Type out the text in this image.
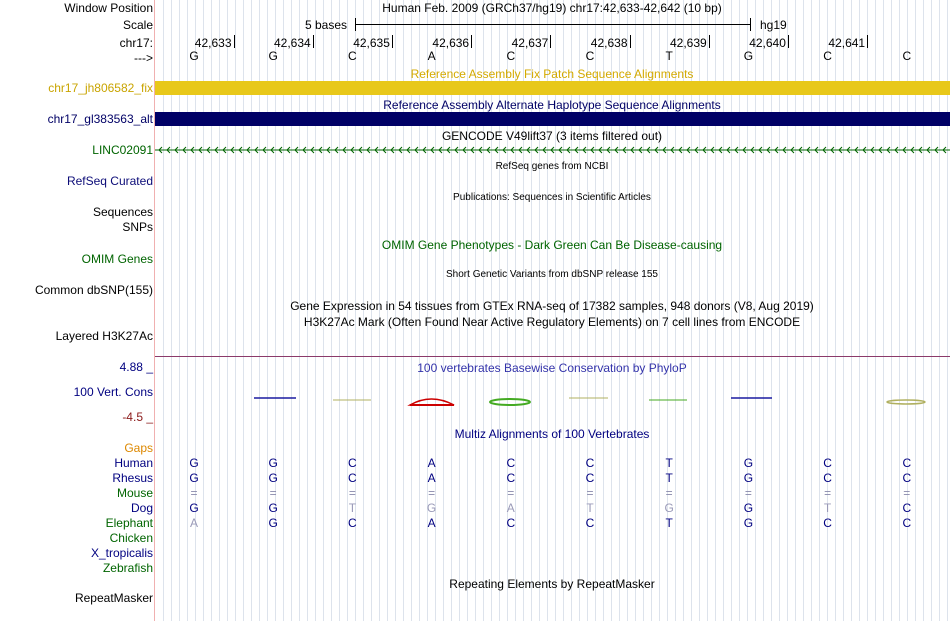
Window Position
Scale
chr17:
--->
Human Feb. 2009 (GRCh37/hg19) chr17:42,633-42,642 (10 bp)
5 bases	hg19
42,633	42,634	42,635	42,636	42,637	42,638	42,639	42,640	42,641
G	G	C	A	C	C	T	G	C	C
Reference Assembly Fix Patch Sequence Alignments
chr17_jh806582_fix
Reference Assembly Alternate Haplotype Sequence Alignments
chr17_gl383563_alt
GENCODE V49lift37 (3 items filtered out)
LINC02091
RefSeq genes from NCBI
RefSeq Curated
Publications: Sequences in Scientific Articles
Sequences
SNPs
OMIM Gene Phenotypes - Dark Green Can Be Disease-causing
OMIM Genes
Short Genetic Variants from dbSNP release 155
Common dbSNP(155)
Gene Expression in 54 tissues from GTEx RNA-seq of 17382 samples, 948 donors (V8, Aug 2019)
H3K27Ac Mark (Often Found Near Active Regulatory Elements) on 7 cell lines from ENCODE
Layered H3K27Ac
100 vertebrates Basewise Conservation by PhyloP
4.88 _
100 Vert. Cons
-4.5 _
Multiz Alignments of 100 Vertebrates
Gaps
Human	G	G	C	A	C	C	T	G	C	C
Rhesus	G	G	C	A	C	C	T	G	C	C
Mouse	=	=	=	=	=	=	=	=	=	=
Dog	G	G	T	G	A	T	G	G	T	C
Elephant	A	G	C	A	C	C	T	G	C	C
Chicken
X_tropicalis
Zebrafish
Repeating Elements by RepeatMasker
RepeatMasker
